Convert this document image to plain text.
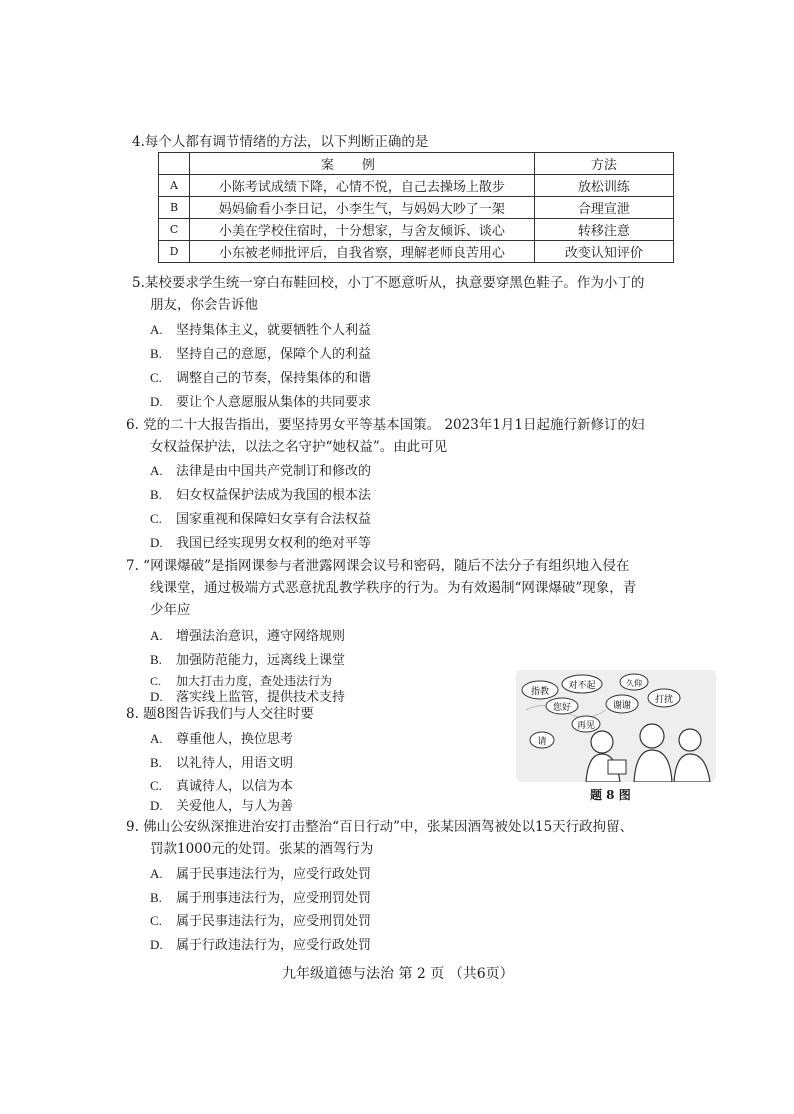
4.每个人都有调节情绪的方法，以下判断正确的是
	案例	方法
A	小陈考试成绩下降，心情不悦，自己去操场上散步	放松训练
B	妈妈偷看小李日记，小李生气，与妈妈大吵了一架	合理宣泄
C	小美在学校住宿时，十分想家，与舍友倾诉、谈心	转移注意
D	小东被老师批评后，自我省察，理解老师良苦用心	改变认知评价
5.某校要求学生统一穿白布鞋回校，小丁不愿意听从，执意要穿黑色鞋子。作为小丁的
朋友，你会告诉他
A. 坚持集体主义，就要牺牲个人利益
B. 坚持自己的意愿，保障个人的利益
C. 调整自己的节奏，保持集体的和谐
D. 要让个人意愿服从集体的共同要求
6. 党的二十大报告指出，要坚持男女平等基本国策。 2023年1月1日起施行新修订的妇
女权益保护法，以法之名守护“她权益”。由此可见
A. 法律是由中国共产党制订和修改的
B. 妇女权益保护法成为我国的根本法
C. 国家重视和保障妇女享有合法权益
D. 我国已经实现男女权利的绝对平等
7. “网课爆破”是指网课参与者泄露网课会议号和密码，随后不法分子有组织地入侵在
线课堂，通过极端方式恶意扰乱教学秩序的行为。为有效遏制“网课爆破”现象，青
少年应
A. 增强法治意识，遵守网络规则
B. 加强防范能力，远离线上课堂
C. 加大打击力度，查处违法行为
D. 落实线上监管，提供技术支持
8. 题8图告诉我们与人交往时要
A. 尊重他人，换位思考
B. 以礼待人，用语文明
C. 真诚待人，以信为本
D. 关爱他人，与人为善
指教
对不起
您好
再见
请
久仰
谢谢
打扰
题 8 图
9. 佛山公安纵深推进治安打击整治“百日行动”中，张某因酒驾被处以15天行政拘留、
罚款1000元的处罚。张某的酒驾行为
A. 属于民事违法行为，应受行政处罚
B. 属于刑事违法行为，应受刑罚处罚
C. 属于民事违法行为，应受刑罚处罚
D. 属于行政违法行为，应受行政处罚
九年级道德与法治 第 2 页 （共6页）
